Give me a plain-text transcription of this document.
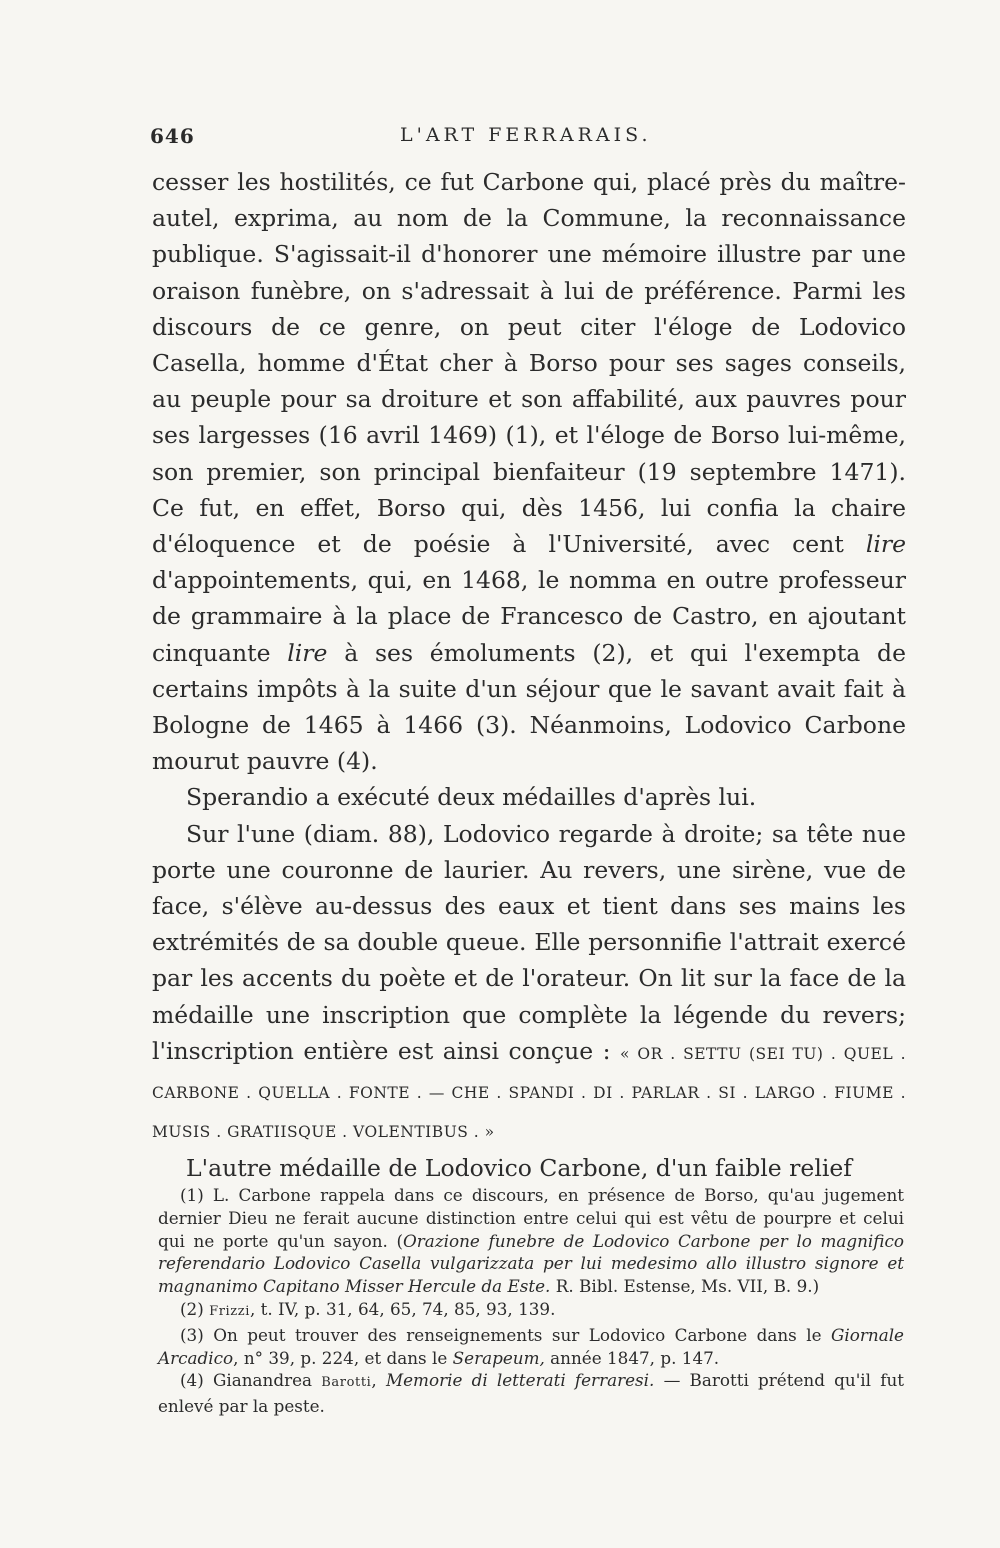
646	L'ART FERRARAIS.

cesser les hostilités, ce fut Carbone qui, placé près du maître-autel, exprima, au nom de la Commune, la reconnaissance publique. S'agissait-il d'honorer une mémoire illustre par une oraison funèbre, on s'adressait à lui de préférence. Parmi les discours de ce genre, on peut citer l'éloge de Lodovico Casella, homme d'État cher à Borso pour ses sages conseils, au peuple pour sa droiture et son affabilité, aux pauvres pour ses largesses (16 avril 1469) (1), et l'éloge de Borso lui-même, son premier, son principal bienfaiteur (19 septembre 1471). Ce fut, en effet, Borso qui, dès 1456, lui confia la chaire d'éloquence et de poésie à l'Université, avec cent lire d'appointements, qui, en 1468, le nomma en outre professeur de grammaire à la place de Francesco de Castro, en ajoutant cinquante lire à ses émoluments (2), et qui l'exempta de certains impôts à la suite d'un séjour que le savant avait fait à Bologne de 1465 à 1466 (3). Néanmoins, Lodovico Carbone mourut pauvre (4).

Sperandio a exécuté deux médailles d'après lui.

Sur l'une (diam. 88), Lodovico regarde à droite; sa tête nue porte une couronne de laurier. Au revers, une sirène, vue de face, s'élève au-dessus des eaux et tient dans ses mains les extrémités de sa double queue. Elle personnifie l'attrait exercé par les accents du poète et de l'orateur. On lit sur la face de la médaille une inscription que complète la légende du revers; l'inscription entière est ainsi conçue : « OR . SETTU (SEI TU) . QUEL . CARBONE . QUELLA . FONTE . — CHE . SPANDI . DI . PARLAR . SI . LARGO . FIUME . MUSIS . GRATIISQUE . VOLENTIBUS . »

L'autre médaille de Lodovico Carbone, d'un faible relief

(1) L. Carbone rappela dans ce discours, en présence de Borso, qu'au jugement dernier Dieu ne ferait aucune distinction entre celui qui est vêtu de pourpre et celui qui ne porte qu'un sayon. (Orazione funebre de Lodovico Carbone per lo magnifico referendario Lodovico Casella vulgarizzata per lui medesimo allo illustro signore et magnanimo Capitano Misser Hercule da Este. R. Bibl. Estense, Ms. VII, B. 9.)

(2) Frizzi, t. IV, p. 31, 64, 65, 74, 85, 93, 139.

(3) On peut trouver des renseignements sur Lodovico Carbone dans le Giornale Arcadico, n° 39, p. 224, et dans le Serapeum, année 1847, p. 147.

(4) Gianandrea Barotti, Memorie di letterati ferraresi. — Barotti prétend qu'il fut enlevé par la peste.
